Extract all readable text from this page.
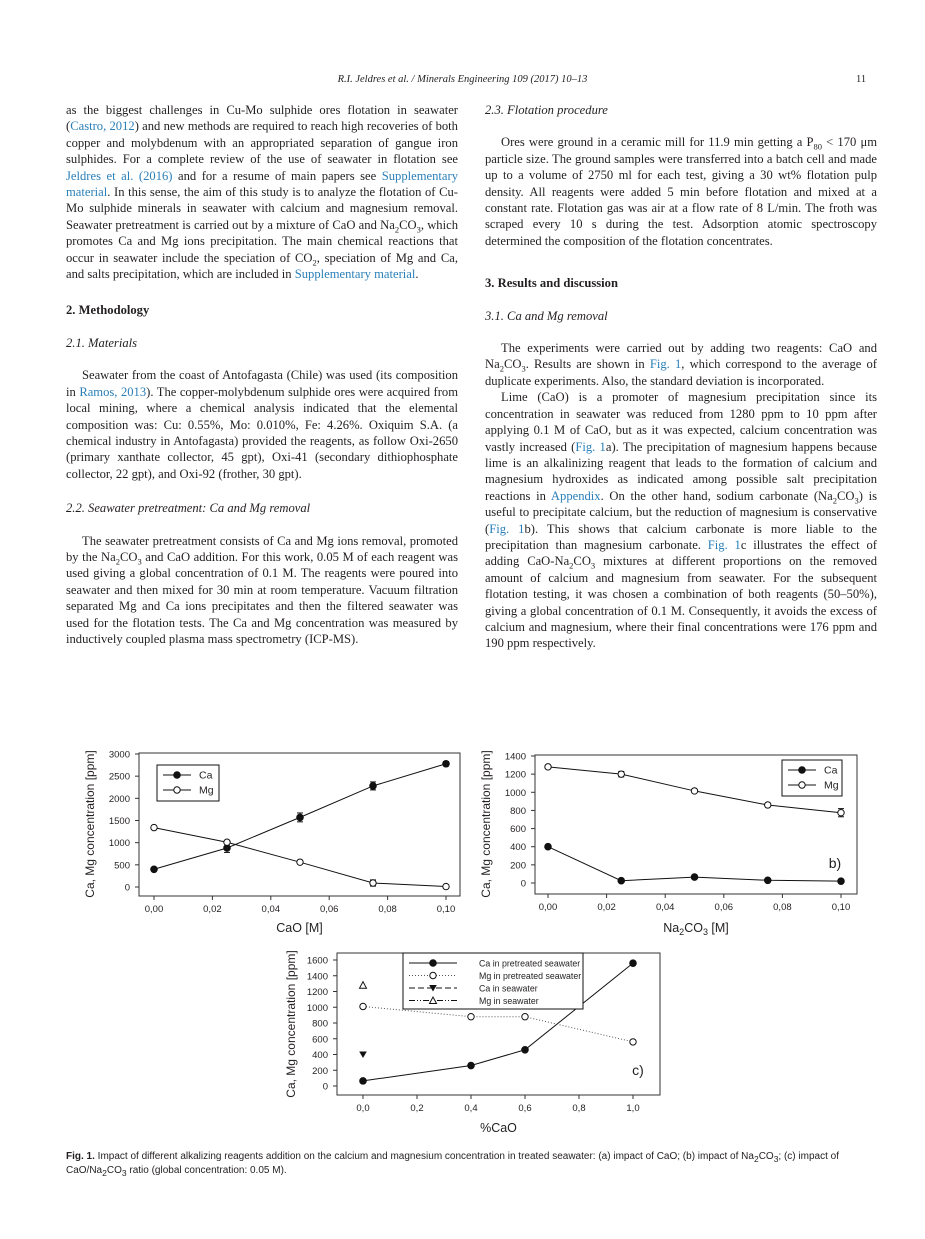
R.I. Jeldres et al. / Minerals Engineering 109 (2017) 10–13	11

as the biggest challenges in Cu-Mo sulphide ores flotation in seawater (Castro, 2012) and new methods are required to reach high recoveries of both copper and molybdenum with an appropriated separation of gangue iron sulphides. For a complete review of the use of seawater in flotation see Jeldres et al. (2016) and for a resume of main papers see Supplementary material. In this sense, the aim of this study is to analyze the flotation of Cu-Mo sulphide minerals in seawater with calcium and magnesium removal. Seawater pretreatment is carried out by a mixture of CaO and $Na_2CO_3$, which promotes Ca and Mg ions precipitation. The main chemical reactions that occur in seawater include the speciation of $CO_2$, speciation of Mg and Ca, and salts precipitation, which are included in Supplementary material.

2. Methodology

2.1. Materials

Seawater from the coast of Antofagasta (Chile) was used (its composition in Ramos, 2013). The copper-molybdenum sulphide ores were acquired from local mining, where a chemical analysis indicated that the elemental composition was: Cu: 0.55%, Mo: 0.010%, Fe: 4.26%. Oxiquim S.A. (a chemical industry in Antofagasta) provided the reagents, as follow Oxi-2650 (primary xanthate collector, 45 gpt), Oxi-41 (secondary dithiophosphate collector, 22 gpt), and Oxi-92 (frother, 30 gpt).

2.2. Seawater pretreatment: Ca and Mg removal

The seawater pretreatment consists of Ca and Mg ions removal, promoted by the $Na_2CO_3$ and CaO addition. For this work, 0.05 M of each reagent was used giving a global concentration of 0.1 M. The reagents were poured into seawater and then mixed for 30 min at room temperature. Vacuum filtration separated Mg and Ca ions precipitates and then the filtered seawater was used for the flotation tests. The Ca and Mg concentration was measured by inductively coupled plasma mass spectrometry (ICP-MS).

2.3. Flotation procedure

Ores were ground in a ceramic mill for 11.9 min getting a $P_{80} < 170$ μm particle size. The ground samples were transferred into a batch cell and made up to a volume of 2750 ml for each test, giving a 30 wt% flotation pulp density. All reagents were added 5 min before flotation and mixed at a constant rate. Flotation gas was air at a flow rate of 8 L/min. The froth was scraped every 10 s during the test. Adsorption atomic spectroscopy determined the composition of the flotation concentrates.

3. Results and discussion

3.1. Ca and Mg removal

The experiments were carried out by adding two reagents: CaO and $Na_2CO_3$. Results are shown in Fig. 1, which correspond to the average of duplicate experiments. Also, the standard deviation is incorporated.

Lime (CaO) is a promoter of magnesium precipitation since its concentration in seawater was reduced from 1280 ppm to 10 ppm after applying 0.1 M of CaO, but as it was expected, calcium concentration was vastly increased (Fig. 1a). The precipitation of magnesium happens because lime is an alkalinizing reagent that leads to the formation of calcium and magnesium hydroxides as indicated among possible salt precipitation reactions in Appendix. On the other hand, sodium carbonate $(Na_2CO_3)$ is useful to precipitate calcium, but the reduction of magnesium is conservative (Fig. 1b). This shows that calcium carbonate is more liable to the precipitation than magnesium carbonate. Fig. 1c illustrates the effect of adding CaO-$Na_2CO_3$ mixtures at different proportions on the removed amount of calcium and magnesium from seawater. For the subsequent flotation testing, it was chosen a combination of both reagents (50–50%), giving a global concentration of 0.1 M. Consequently, it avoids the excess of calcium and magnesium, where their final concentrations were 176 ppm and 190 ppm respectively.

0
500
1000
1500
2000
2500
3000
0,00	0,02	0,04	0,06	0,08	0,10
Ca, Mg concentration [ppm]
CaO [M]
Ca
Mg
0
200
400
600
800
1000
1200
1400
0,00	0,02	0,04	0,06	0,08	0,10
Ca, Mg concentration [ppm]
$Na_2CO_3$ [M]
b)
Ca
Mg
0
200
400
600
800
1000
1200
1400
1600
0,0	0,2	0,4	0,6	0,8	1,0
Ca, Mg concentration [ppm]
%CaO
c)
Ca in pretreated seawater
Mg in pretreated seawater
Ca in seawater
Mg in seawater
Fig. 1. Impact of different alkalizing reagents addition on the calcium and magnesium concentration in treated seawater: (a) impact of CaO; (b) impact of $Na_2CO_3$; (c) impact of CaO/$Na_2CO_3$ ratio (global concentration: 0.05 M).
